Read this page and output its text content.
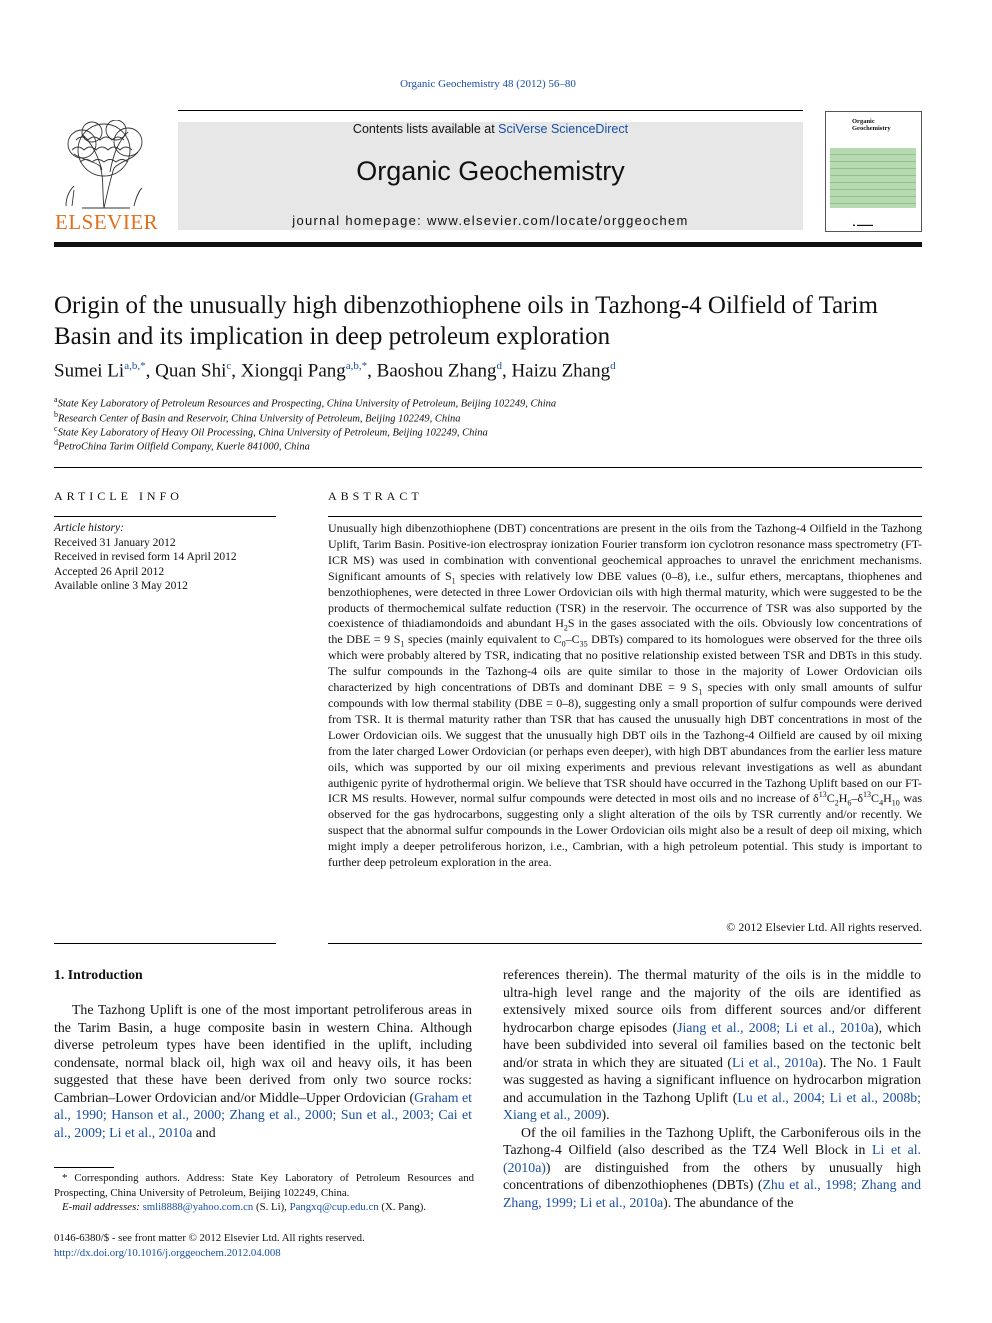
Organic Geochemistry 48 (2012) 56–80
ELSEVIER
Contents lists available at SciVerse ScienceDirect
Organic Geochemistry
journal homepage: www.elsevier.com/locate/orggeochem
Organic
Geochemistry
▲ ▬▬▬▬
Origin of the unusually high dibenzothiophene oils in Tazhong-4 Oilfield of Tarim Basin and its implication in deep petroleum exploration
Sumei $Li^{a,b,*}$, Quan Shi$^c$, Xiongqi Pang$^{a,b,*}$, Baoshou Zhang$^d$, Haizu Zhang$^d$
$^a$State Key Laboratory of Petroleum Resources and Prospecting, China University of Petroleum, Beijing 102249, China
$^b$Research Center of Basin and Reservoir, China University of Petroleum, Beijing 102249, China
$^c$State Key Laboratory of Heavy Oil Processing, China University of Petroleum, Beijing 102249, China
$^d$PetroChina Tarim Oilfield Company, Kuerle 841000, China
ARTICLE INFO
Article history:
Received 31 January 2012
Received in revised form 14 April 2012
Accepted 26 April 2012
Available online 3 May 2012
ABSTRACT
Unusually high dibenzothiophene (DBT) concentrations are present in the oils from the Tazhong-4 Oilfield in the Tazhong Uplift, Tarim Basin. Positive-ion electrospray ionization Fourier transform ion cyclotron resonance mass spectrometry (FT-ICR MS) was used in combination with conventional geochemical approaches to unravel the enrichment mechanisms. Significant amounts of $S_1$ species with relatively low DBE values (0–8), i.e., sulfur ethers, mercaptans, thiophenes and benzothiophenes, were detected in three Lower Ordovician oils with high thermal maturity, which were suggested to be the products of thermochemical sulfate reduction (TSR) in the reservoir. The occurrence of TSR was also supported by the coexistence of thiadiamondoids and abundant $H_2S$ in the gases associated with the oils. Obviously low concentrations of the DBE = 9 $S_1$ species (mainly equivalent to $C_0-C_{35}$ DBTs) compared to its homologues were observed for the three oils which were probably altered by TSR, indicating that no positive relationship existed between TSR and DBTs in this study. The sulfur compounds in the Tazhong-4 oils are quite similar to those in the majority of Lower Ordovician oils characterized by high concentrations of DBTs and dominant DBE = 9 $S_1$ species with only small amounts of sulfur compounds with low thermal stability (DBE = 0–8), suggesting only a small proportion of sulfur compounds were derived from TSR. It is thermal maturity rather than TSR that has caused the unusually high DBT concentrations in most of the Lower Ordovician oils. We suggest that the unusually high DBT oils in the Tazhong-4 Oilfield are caused by oil mixing from the later charged Lower Ordovician (or perhaps even deeper), with high DBT abundances from the earlier less mature oils, which was supported by our oil mixing experiments and previous relevant investigations as well as abundant authigenic pyrite of hydrothermal origin. We believe that TSR should have occurred in the Tazhong Uplift based on our FT-ICR MS results. However, normal sulfur compounds were detected in most oils and no increase of $\delta^{13}C_2H_6-\delta^{13}C_4H_{10}$ was observed for the gas hydrocarbons, suggesting only a slight alteration of the oils by TSR currently and/or recently. We suspect that the abnormal sulfur compounds in the Lower Ordovician oils might also be a result of deep oil mixing, which might imply a deeper petroliferous horizon, i.e., Cambrian, with a high petroleum potential. This study is important to further deep petroleum exploration in the area.
© 2012 Elsevier Ltd. All rights reserved.
1. Introduction

The Tazhong Uplift is one of the most important petroliferous areas in the Tarim Basin, a huge composite basin in western China. Although diverse petroleum types have been identified in the uplift, including condensate, normal black oil, high wax oil and heavy oils, it has been suggested that these have been derived from only two source rocks: Cambrian–Lower Ordovician and/or Middle–Upper Ordovician (Graham et al., 1990; Hanson et al., 2000; Zhang et al., 2000; Sun et al., 2003; Cai et al., 2009; Li et al., 2010a and

references therein). The thermal maturity of the oils is in the middle to ultra-high level range and the majority of the oils are identified as extensively mixed source oils from different sources and/or different hydrocarbon charge episodes (Jiang et al., 2008; Li et al., 2010a), which have been subdivided into several oil families based on the tectonic belt and/or strata in which they are situated (Li et al., 2010a). The No. 1 Fault was suggested as having a significant influence on hydrocarbon migration and accumulation in the Tazhong Uplift (Lu et al., 2004; Li et al., 2008b; Xiang et al., 2009).

Of the oil families in the Tazhong Uplift, the Carboniferous oils in the Tazhong-4 Oilfield (also described as the TZ4 Well Block in Li et al. (2010a)) are distinguished from the others by unusually high concentrations of dibenzothiophenes (DBTs) (Zhu et al., 1998; Zhang and Zhang, 1999; Li et al., 2010a). The abundance of the

* Corresponding authors. Address: State Key Laboratory of Petroleum Resources and Prospecting, China University of Petroleum, Beijing 102249, China.
E-mail addresses: smli8888@yahoo.com.cn (S. Li), Pangxq@cup.edu.cn (X. Pang).
0146-6380/$ - see front matter © 2012 Elsevier Ltd. All rights reserved.
http://dx.doi.org/10.1016/j.orggeochem.2012.04.008
